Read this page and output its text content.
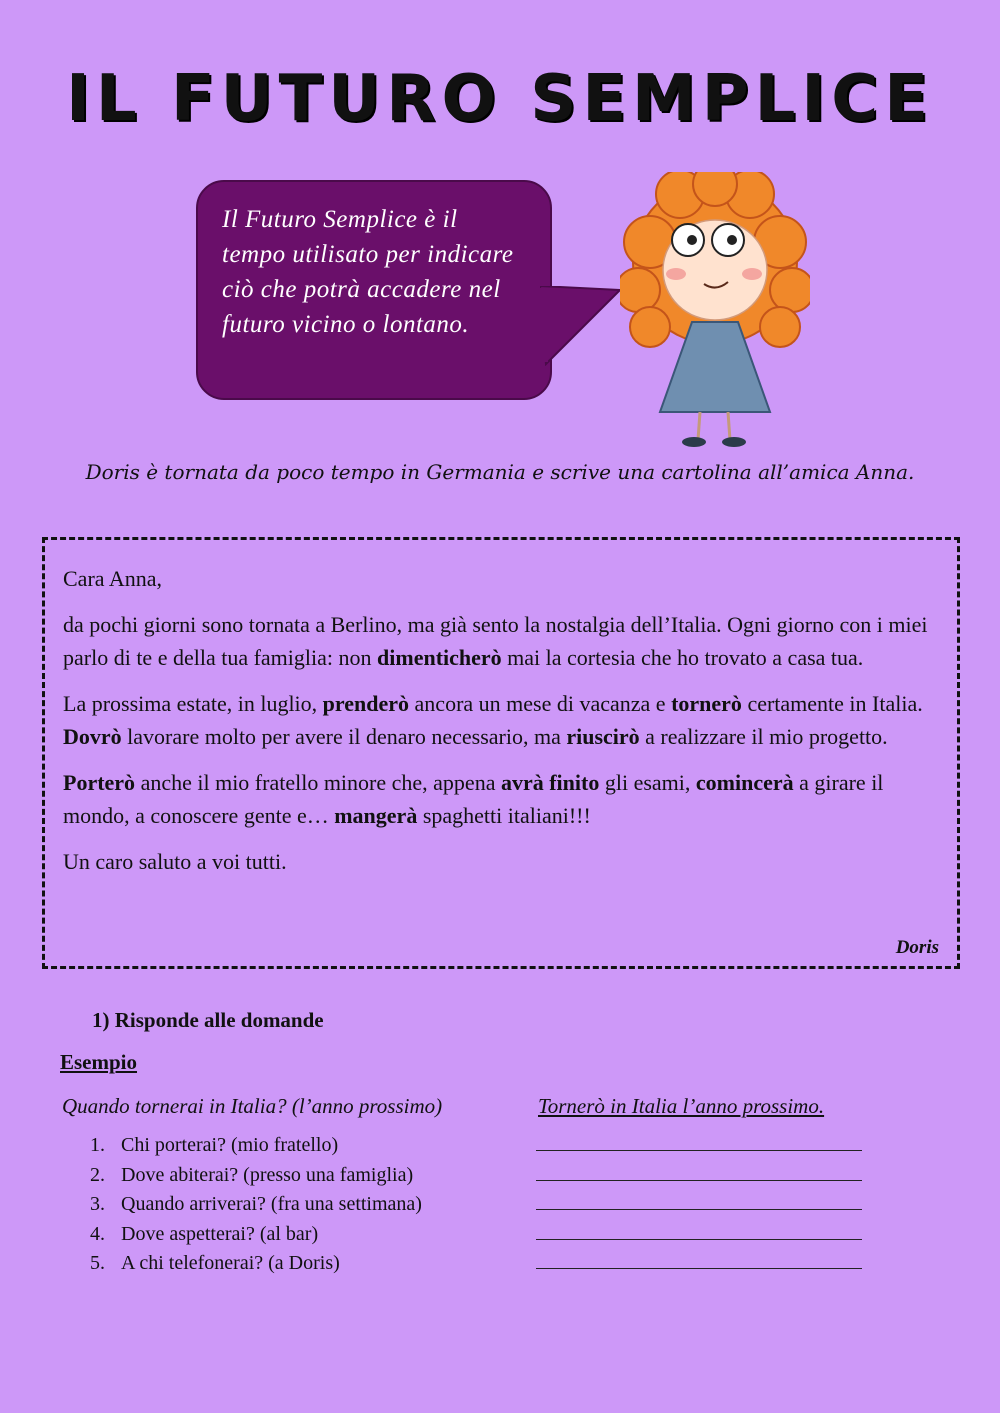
IL FUTURO SEMPLICE
Il Futuro Semplice è il tempo utilisato per indicare ciò che potrà accadere nel futuro vicino o lontano.
Doris è tornata da poco tempo in Germania e scrive una cartolina all’amica Anna.

Cara Anna,

da pochi giorni sono tornata a Berlino, ma già sento la nostalgia dell’Italia. Ogni giorno con i miei parlo di te e della tua famiglia: non dimenticherò mai la cortesia che ho trovato a casa tua.

La prossima estate, in luglio, prenderò ancora un mese di vacanza e tornerò certamente in Italia. Dovrò lavorare molto per avere il denaro necessario, ma riuscirò a realizzare il mio progetto.

Porterò anche il mio fratello minore che, appena avrà finito gli esami, comincerà a girare il mondo, a conoscere gente e… mangerà spaghetti italiani!!!

Un caro saluto a voi tutti.

Doris
1) Risponde alle domande
Esempio
Quando tornerai in Italia? (l’anno prossimo)	Tornerò in Italia l’anno prossimo.
1. Chi porterai? (mio fratello)
2. Dove abiterai? (presso una famiglia)
3. Quando arriverai? (fra una settimana)
4. Dove aspetterai? (al bar)
5. A chi telefonerai? (a Doris)
